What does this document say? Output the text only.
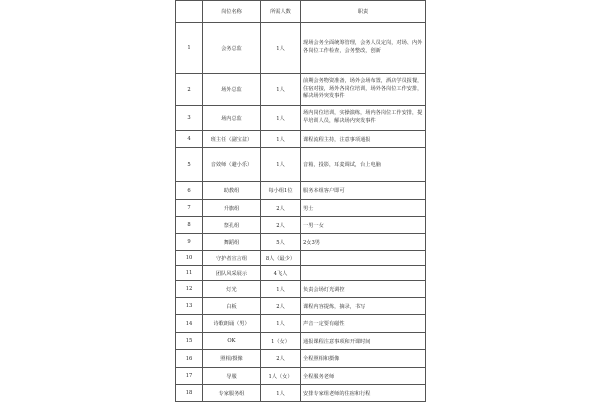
	岗位名称	所需人数	职责
1	会务总监	1人	现场会务全面统筹管理，会务人员定岗，对场、内外各岗位工作检查，会务整改，创新
2	场外总监	1人	前期会务物资准备，场外会场布置，酒店学员报餐，住宿对接，场外各岗位培训，场外各岗位工作安排，解决场外突发事件
3	场内总监	1人	场内岗位培训，实操演练，场内各岗位工作安排，提早培训人员，解决场内突发事件
4	班主任（副宝盆）	1人	课程流程主持，注意事项通报
5	音效师（避小乐）	1人	音箱，投影，耳麦调试，台上电脑
6	助教组	每小组1位	服务本组客户即可
7	升旗组	2人	男士
8	祭孔组	2人	一男一女
9	舞蹈组	5人	2女3男
10	守护者宣言组	8人（最少）	
11	团队风采展示	4飞人	
12	灯光	1人	负责会场灯光调控
13	白板	2人	课程内容提炼，摘录，书写
14	诗歌朗诵（男）	1人	声音一定要有磁性
15	OK	1（女）	通报课程注意事项和开课时间
16	照相/摄像	2人	全程照相和摄像
17	导服	1人（女）	全程服务老师
18	专家服务组	1人	安排专家组老师的住宿和行程
